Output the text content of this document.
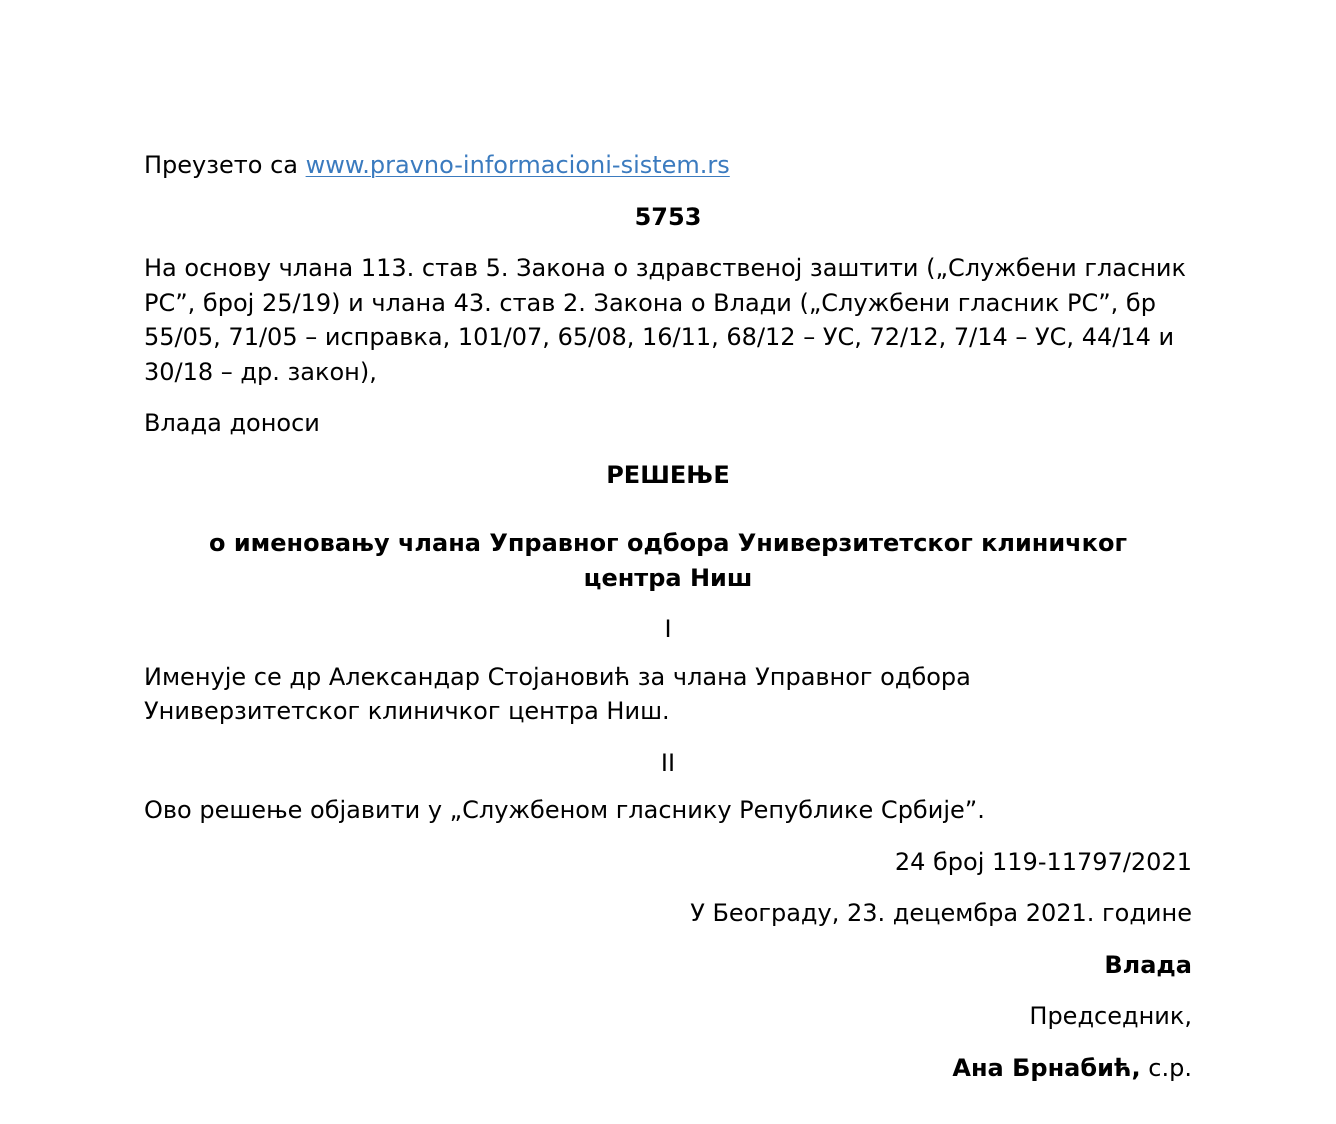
Преузето са www.pravno-informacioni-sistem.rs

5753

На основу члана 113. став 5. Закона о здравственој заштити („Службени гласник РС”, број 25/19) и члана 43. став 2. Закона о Влади („Службени гласник РС”, бр 55/05, 71/05 – исправка, 101/07, 65/08, 16/11, 68/12 – УС, 72/12, 7/14 – УС, 44/14 и 30/18 – др. закон),

Влада доноси

РЕШЕЊЕ

о именовању члана Управног одбора Универзитетског клиничког центра Ниш

I

Именује се др Александар Стојановић за члана Управног одбора Универзитетског клиничког центра Ниш.

II

Ово решење објавити у „Службеном гласнику Републике Србије”.

24 број 119-11797/2021

У Београду, 23. децембра 2021. године

Влада

Председник,

Ана Брнабић, с.р.
